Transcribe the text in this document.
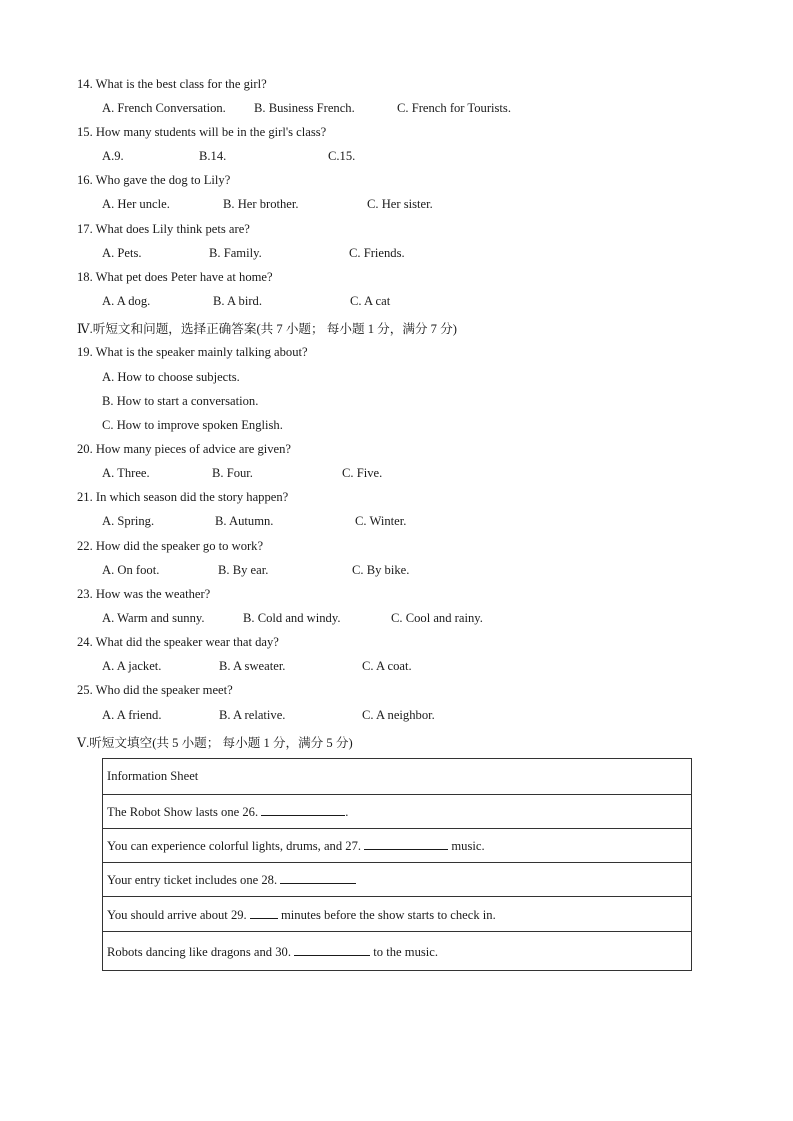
14. What is the best class for the girl?
A. French Conversation. B. Business French.	C. French for Tourists.
15. How many students will be in the girl's class?
A.9.	B.14.	C.15.
16. Who gave the dog to Lily?
A. Her uncle.	B. Her brother.	C. Her sister.
17. What does Lily think pets are?
A. Pets.	B. Family.	C. Friends.
18. What pet does Peter have at home?
A. A dog.	B. A bird.	C. A cat
Ⅳ.听短文和问题，选择正确答案(共 7 小题； 每小题 1 分，满分 7 分)
19. What is the speaker mainly talking about?
A. How to choose subjects.
B. How to start a conversation.
C. How to improve spoken English.
20. How many pieces of advice are given?
A. Three.	B. Four.	C. Five.
21. In which season did the story happen?
A. Spring.	B. Autumn.	C. Winter.
22. How did the speaker go to work?
A. On foot.	B. By ear.	C. By bike.
23. How was the weather?
A. Warm and sunny.	B. Cold and windy.	C. Cool and rainy.
24. What did the speaker wear that day?
A. A jacket.	B. A sweater.	C. A coat.
25. Who did the speaker meet?
A. A friend.	B. A relative.	C. A neighbor.
Ⅴ.听短文填空(共 5 小题； 每小题 1 分，满分 5 分)
Information Sheet
The Robot Show lasts one 26.	.
You can experience colorful lights, drums, and 27.	music.
Your entry ticket includes one 28.
You should arrive about 29.	minutes before the show starts to check in.
Robots dancing like dragons and 30.	to the music.
